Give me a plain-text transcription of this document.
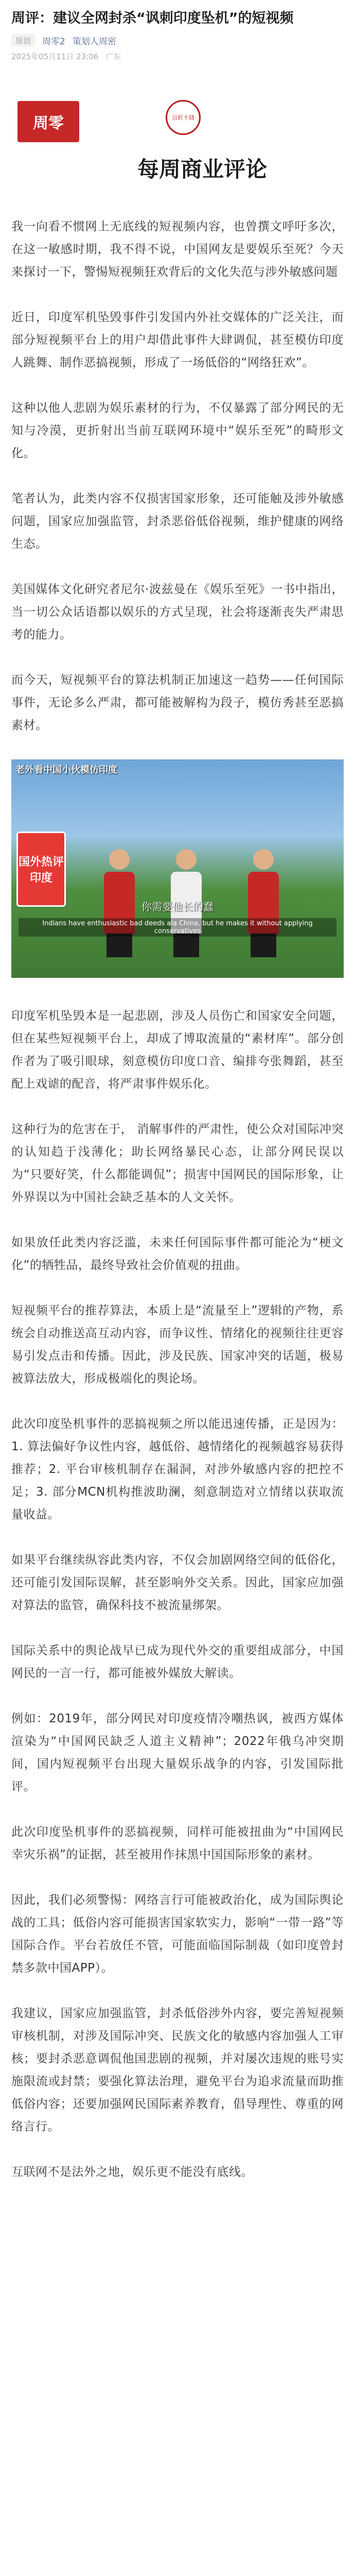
周评：建议全网封杀“讽刺印度坠机”的短视频
原创	周零2 策划人周密
2025年05月11日 23:06 广东
周零	百折不挠
每周商业评论

我一向看不惯网上无底线的短视频内容，也曾撰文呼吁多次，在这一敏感时期，我不得不说，中国网友是要娱乐至死？今天来探讨一下，警惕短视频狂欢背后的文化失范与涉外敏感问题

近日，印度军机坠毁事件引发国内外社交媒体的广泛关注，而部分短视频平台上的用户却借此事件大肆调侃，甚至模仿印度人跳舞、制作恶搞视频，形成了一场低俗的“网络狂欢”。

这种以他人悲剧为娱乐素材的行为，不仅暴露了部分网民的无知与冷漠，更折射出当前互联网环境中“娱乐至死”的畸形文化。

笔者认为，此类内容不仅损害国家形象，还可能触及涉外敏感问题，国家应加强监管，封杀恶俗低俗视频，维护健康的网络生态。

美国媒体文化研究者尼尔·波兹曼在《娱乐至死》一书中指出，当一切公众话语都以娱乐的方式呈现，社会将逐渐丧失严肃思考的能力。

而今天，短视频平台的算法机制正加速这一趋势——任何国际事件，无论多么严肃，都可能被解构为段子，模仿秀甚至恶搞素材。

老外看中国小伙模仿印度
国外热评印度
你需要他长的蠢
Indians have enthusiastic bad deeds ala China, but he makes it without applying conservatives

印度军机坠毁本是一起悲剧，涉及人员伤亡和国家安全问题，但在某些短视频平台上，却成了博取流量的“素材库”。部分创作者为了吸引眼球，刻意模仿印度口音、编排夸张舞蹈，甚至配上戏谑的配音，将严肃事件娱乐化。

这种行为的危害在于， 消解事件的严肃性，使公众对国际冲突的认知趋于浅薄化；助长网络暴民心态，让部分网民误以为“只要好笑，什么都能调侃”；损害中国网民的国际形象，让外界误以为中国社会缺乏基本的人文关怀。

如果放任此类内容泛滥，未来任何国际事件都可能沦为“梗文化”的牺牲品，最终导致社会价值观的扭曲。

短视频平台的推荐算法，本质上是“流量至上”逻辑的产物，系统会自动推送高互动内容，而争议性、情绪化的视频往往更容易引发点击和传播。因此，涉及民族、国家冲突的话题，极易被算法放大，形成极端化的舆论场。

此次印度坠机事件的恶搞视频之所以能迅速传播，正是因为：1. 算法偏好争议性内容，越低俗、越情绪化的视频越容易获得推荐；2. 平台审核机制存在漏洞，对涉外敏感内容的把控不足；3. 部分MCN机构推波助澜，刻意制造对立情绪以获取流量收益。

如果平台继续纵容此类内容，不仅会加剧网络空间的低俗化，还可能引发国际误解，甚至影响外交关系。因此，国家应加强对算法的监管，确保科技不被流量绑架。

国际关系中的舆论战早已成为现代外交的重要组成部分，中国网民的一言一行，都可能被外媒放大解读。

例如：2019年，部分网民对印度疫情冷嘲热讽，被西方媒体渲染为“中国网民缺乏人道主义精神”；2022年俄乌冲突期间，国内短视频平台出现大量娱乐战争的内容，引发国际批评。

此次印度坠机事件的恶搞视频，同样可能被扭曲为“中国网民幸灾乐祸”的证据，甚至被用作抹黑中国国际形象的素材。

因此，我们必须警惕：网络言行可能被政治化，成为国际舆论战的工具；低俗内容可能损害国家软实力，影响“一带一路”等国际合作。平台若放任不管，可能面临国际制裁（如印度曾封禁多款中国APP）。

我建议，国家应加强监管，封杀低俗涉外内容，要完善短视频审核机制，对涉及国际冲突、民族文化的敏感内容加强人工审核；要封杀恶意调侃他国悲剧的视频，并对屡次违规的账号实施限流或封禁；要强化算法治理，避免平台为追求流量而助推低俗内容；还要加强网民国际素养教育，倡导理性、尊重的网络言行。

互联网不是法外之地，娱乐更不能没有底线。
